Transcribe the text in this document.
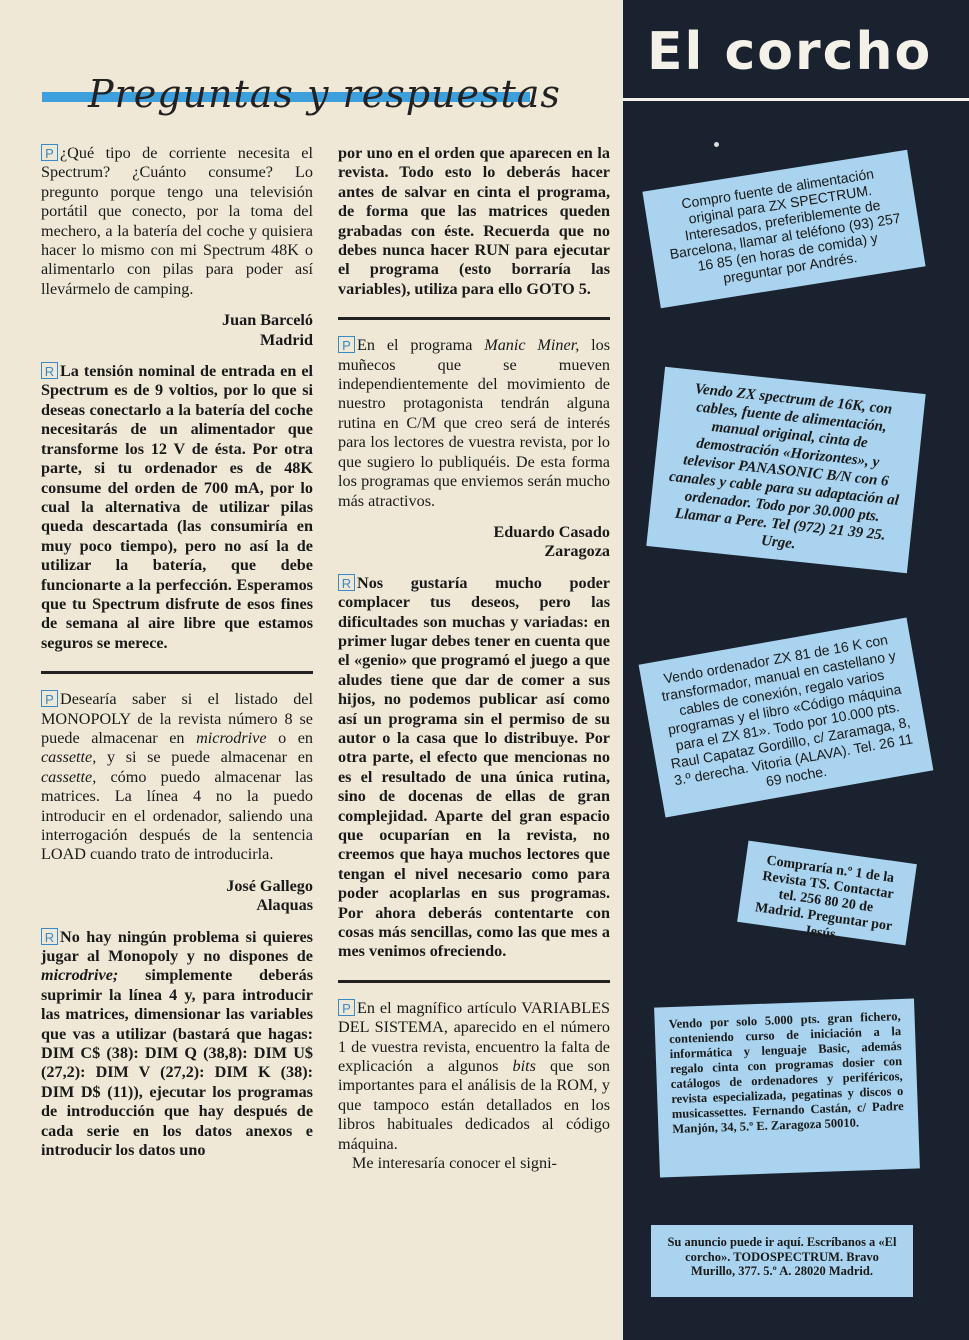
Preguntas y respuestas

P ¿Qué tipo de corriente necesita el Spectrum? ¿Cuánto consume? Lo pregunto porque tengo una televisión portátil que conecto, por la toma del mechero, a la batería del coche y quisiera hacer lo mismo con mi Spectrum 48K o alimentarlo con pilas para poder así llevármelo de camping.

Juan Barceló
Madrid

R La tensión nominal de entrada en el Spectrum es de 9 voltios, por lo que si deseas conectarlo a la batería del coche necesitarás de un alimentador que transforme los 12 V de ésta. Por otra parte, si tu ordenador es de 48K consume del orden de 700 mA, por lo cual la alternativa de utilizar pilas queda descartada (las consumiría en muy poco tiempo), pero no así la de utilizar la batería, que debe funcionarte a la perfección. Esperamos que tu Spectrum disfrute de esos fines de semana al aire libre que estamos seguros se merece.

P Desearía saber si el listado del MONOPOLY de la revista número 8 se puede almacenar en microdrive o en cassette, y si se puede almacenar en cassette, cómo puedo almacenar las matrices. La línea 4 no la puedo introducir en el ordenador, saliendo una interrogación después de la sentencia LOAD cuando trato de introducirla.

José Gallego
Alaquas

R No hay ningún problema si quieres jugar al Monopoly y no dispones de microdrive; simplemente deberás suprimir la línea 4 y, para introducir las matrices, dimensionar las variables que vas a utilizar (bastará que hagas: DIM C$ (38): DIM Q (38,8): DIM U$ (27,2): DIM V (27,2): DIM K (38): DIM D$ (11)), ejecutar los programas de introducción que hay después de cada serie en los datos anexos e introducir los datos uno

por uno en el orden que aparecen en la revista. Todo esto lo deberás hacer antes de salvar en cinta el programa, de forma que las matrices queden grabadas con éste. Recuerda que no debes nunca hacer RUN para ejecutar el programa (esto borraría las variables), utiliza para ello GOTO 5.

P En el programa Manic Miner, los muñecos que se mueven independientemente del movimiento de nuestro protagonista tendrán alguna rutina en C/M que creo será de interés para los lectores de vuestra revista, por lo que sugiero lo publiquéis. De esta forma los programas que enviemos serán mucho más atractivos.

Eduardo Casado
Zaragoza

R Nos gustaría mucho poder complacer tus deseos, pero las dificultades son muchas y variadas: en primer lugar debes tener en cuenta que el «genio» que programó el juego a que aludes tiene que dar de comer a sus hijos, no podemos publicar así como así un programa sin el permiso de su autor o la casa que lo distribuye. Por otra parte, el efecto que mencionas no es el resultado de una única rutina, sino de docenas de ellas de gran complejidad. Aparte del gran espacio que ocuparían en la revista, no creemos que haya muchos lectores que tengan el nivel necesario como para poder acoplarlas en sus programas. Por ahora deberás contentarte con cosas más sencillas, como las que mes a mes venimos ofreciendo.

P En el magnífico artículo VARIABLES DEL SISTEMA, aparecido en el número 1 de vuestra revista, encuentro la falta de explicación a algunos bits que son importantes para el análisis de la ROM, y que tampoco están detallados en los libros habituales dedicados al código máquina.

Me interesaría conocer el signi-

El corcho
Compro fuente de alimentación original para ZX SPECTRUM. Interesados, preferiblemente de Barcelona, llamar al teléfono (93) 257 16 85 (en horas de comida) y preguntar por Andrés.
Vendo ZX spectrum de 16K, con cables, fuente de alimentación, manual original, cinta de demostración «Horizontes», y televisor PANASONIC B/N con 6 canales y cable para su adaptación al ordenador. Todo por 30.000 pts. Llamar a Pere. Tel (972) 21 39 25. Urge.
Vendo ordenador ZX 81 de 16 K con transformador, manual en castellano y cables de conexión, regalo varios programas y el libro «Código máquina para el ZX 81». Todo por 10.000 pts. Raul Capataz Gordillo, c/ Zaramaga, 8, 3.º derecha. Vitoria (ALAVA). Tel. 26 11 69 noche.
Compraría n.º 1 de la Revista TS. Contactar tel. 256 80 20 de Madrid. Preguntar por Jesús.
Vendo por solo 5.000 pts. gran fichero, conteniendo curso de iniciación a la informática y lenguaje Basic, además regalo cinta con programas dosier con catálogos de ordenadores y periféricos, revista especializada, pegatinas y discos o musicassettes. Fernando Castán, c/ Padre Manjón, 34, 5.º E. Zaragoza 50010.
Su anuncio puede ir aquí. Escríbanos a «El corcho». TODOSPECTRUM. Bravo Murillo, 377. 5.º A. 28020 Madrid.
